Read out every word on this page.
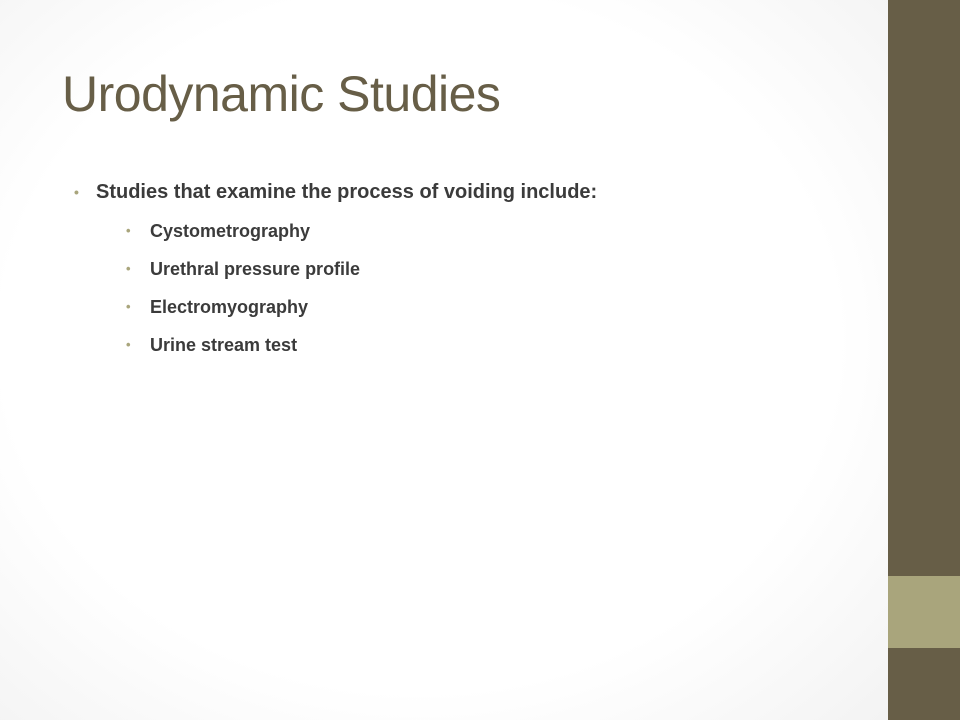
Urodynamic Studies
• Studies that examine the process of voiding include:
• Cystometrography
• Urethral pressure profile
• Electromyography
• Urine stream test
